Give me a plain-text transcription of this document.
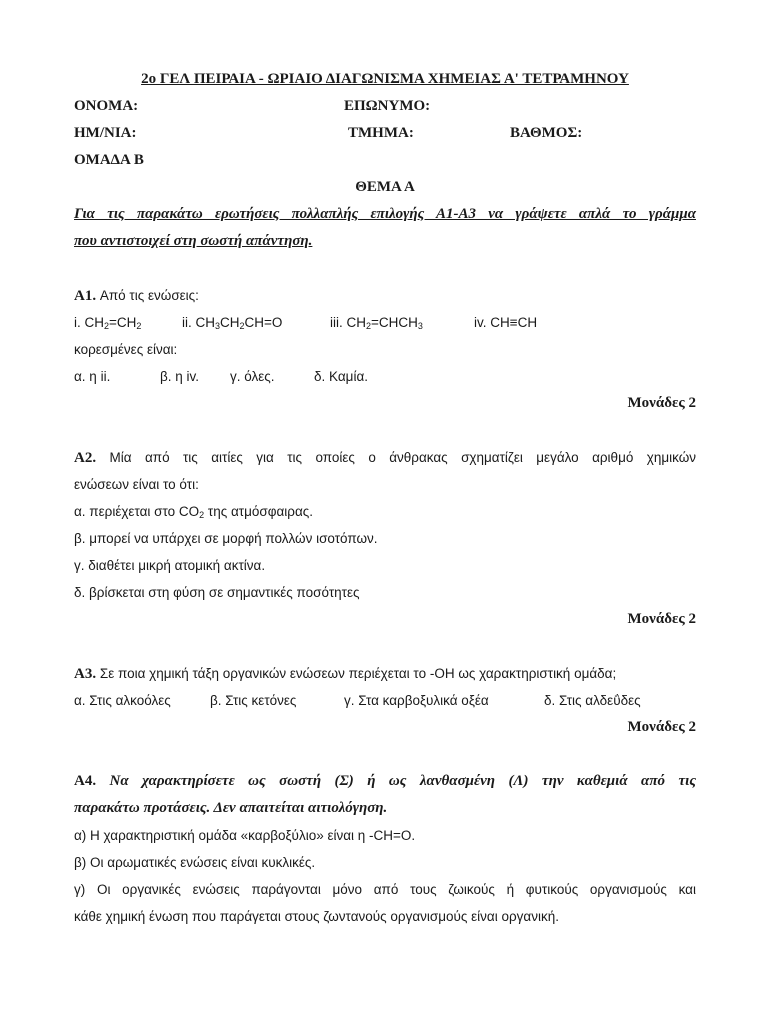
2ο ΓΕΛ ΠΕΙΡΑΙΑ - ΩΡΙΑΙΟ ΔΙΑΓΩΝΙΣΜΑ ΧΗΜΕΙΑΣ Α' ΤΕΤΡΑΜΗΝΟΥ
ΟΝΟΜΑ:	ΕΠΩΝΥΜΟ:
ΗΜ/ΝΙΑ:	ΤΜΗΜΑ:	ΒΑΘΜΟΣ:
ΟΜΑΔΑ Β
ΘΕΜΑ Α
Για τις παρακάτω ερωτήσεις πολλαπλής επιλογής Α1-Α3 να γράψετε απλά το γράμμα
που αντιστοιχεί στη σωστή απάντηση.
Α1. Από τις ενώσεις:
i. $CH_2=CH_2$	ii. $CH_3CH_2CH=O$	iii. $CH_2=CHCH_3$	iv. CH≡CH
κορεσμένες είναι:
α. η ii.	β. η iv. γ. όλες.	δ. Καμία.
Μονάδες 2
Α2. Μία από τις αιτίες για τις οποίες ο άνθρακας σχηματίζει μεγάλο αριθμό χημικών
ενώσεων είναι το ότι:
α. περιέχεται στο $CO_2$ της ατμόσφαιρας.
β. μπορεί να υπάρχει σε μορφή πολλών ισοτόπων.
γ. διαθέτει μικρή ατομική ακτίνα.
δ. βρίσκεται στη φύση σε σημαντικές ποσότητες
Μονάδες 2
Α3. Σε ποια χημική τάξη οργανικών ενώσεων περιέχεται το -ΟΗ ως χαρακτηριστική ομάδα;
α. Στις αλκοόλες	β. Στις κετόνες	γ. Στα καρβοξυλικά οξέα	δ. Στις αλδεΰδες
Μονάδες 2
Α4. Να χαρακτηρίσετε ως σωστή (Σ) ή ως λανθασμένη (Λ) την καθεμιά από τις
παρακάτω προτάσεις. Δεν απαιτείται αιτιολόγηση.
α) Η χαρακτηριστική ομάδα «καρβοξύλιο» είναι η -CH=O.
β) Οι αρωματικές ενώσεις είναι κυκλικές.
γ) Οι οργανικές ενώσεις παράγονται μόνο από τους ζωικούς ή φυτικούς οργανισμούς και
κάθε χημική ένωση που παράγεται στους ζωντανούς οργανισμούς είναι οργανική.
